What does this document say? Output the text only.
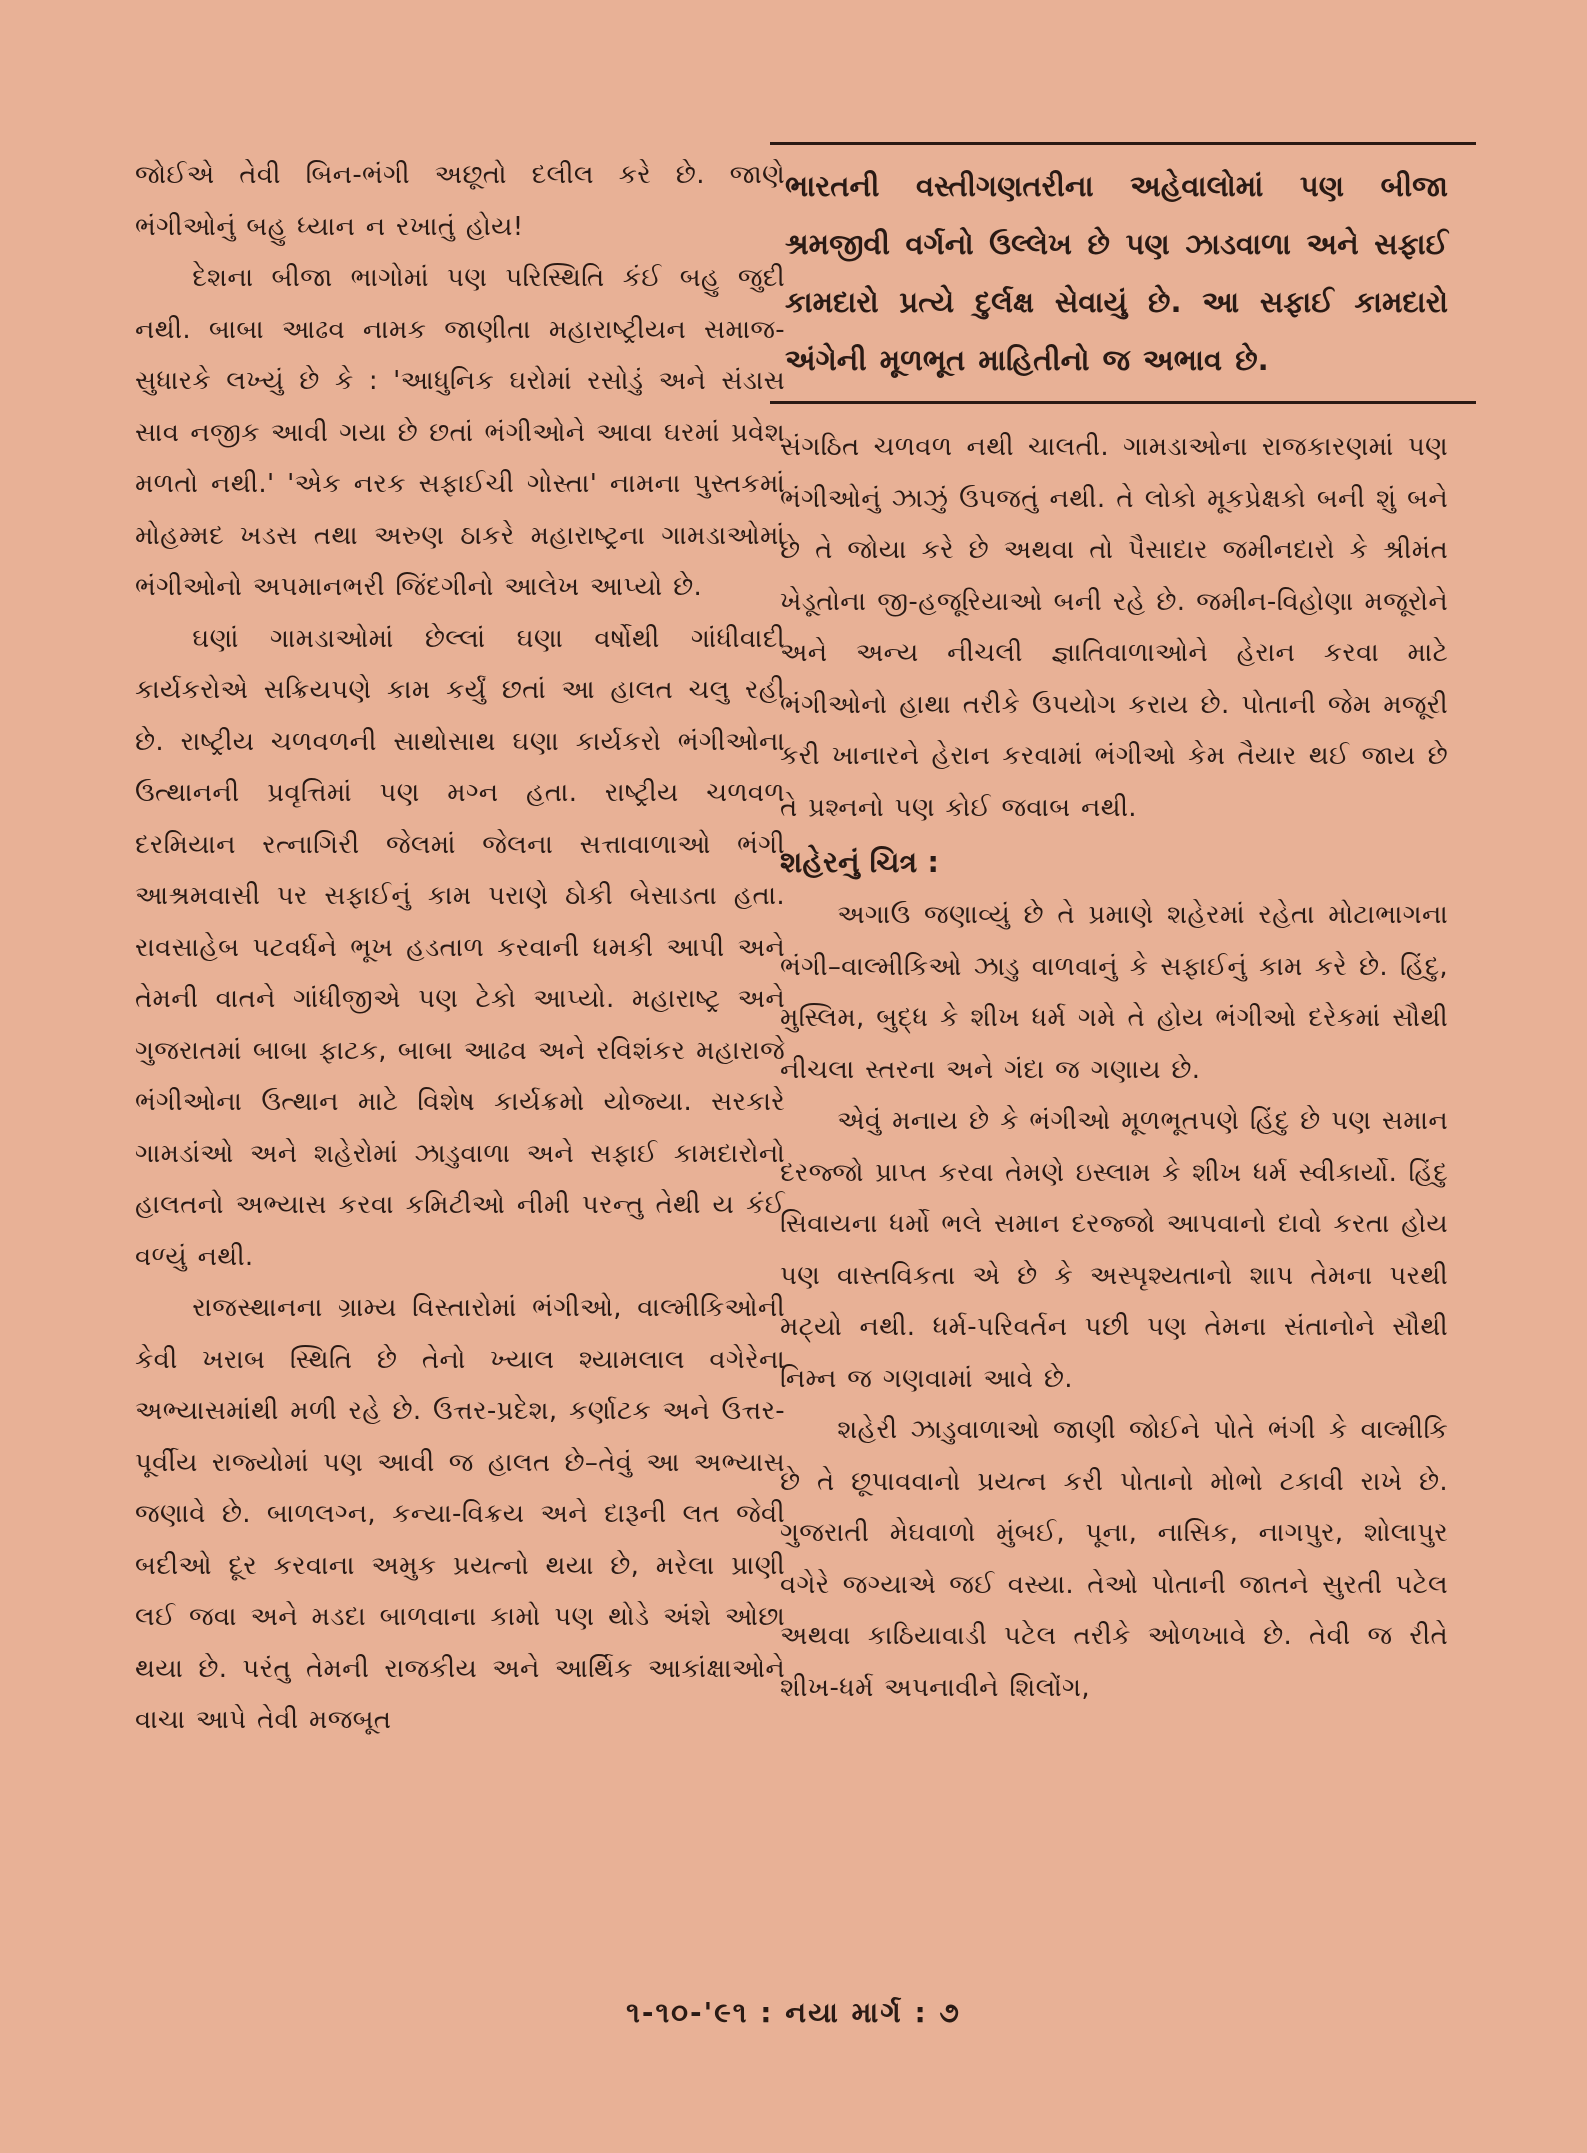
જોઈએ તેવી બિન-ભંગી અછૂતો દલીલ કરે છે. જાણે ભંગીઓનું બહુ ધ્યાન ન રખાતું હોય!

દેશના બીજા ભાગોમાં પણ પરિસ્થિતિ કંઈ બહુ જુદી નથી. બાબા આઢવ નામક જાણીતા મહારાષ્ટ્રીયન સમાજ-સુધારકે લખ્યું છે કે : 'આધુનિક ઘરોમાં રસોડું અને સંડાસ સાવ નજીક આવી ગયા છે છતાં ભંગીઓને આવા ઘરમાં પ્રવેશ મળતો નથી.' 'એક નરક સફાઈચી ગોસ્તા' નામના પુસ્તકમાં મોહમ્મદ ખડસ તથા અરુણ ઠાકરે મહારાષ્ટ્રના ગામડાઓમાં ભંગીઓનો અપમાનભરી જિંદગીનો આલેખ આપ્યો છે.

ઘણાં ગામડાઓમાં છેલ્લાં ઘણા વર્ષોથી ગાંધીવાદી કાર્યકરોએ સક્રિયપણે કામ કર્યું છતાં આ હાલત ચલુ રહી છે. રાષ્ટ્રીય ચળવળની સાથોસાથ ઘણા કાર્યકરો ભંગીઓના ઉત્થાનની પ્રવૃત્તિમાં પણ મગ્ન હતા. રાષ્ટ્રીય ચળવળ દરમિયાન રત્નાગિરી જેલમાં જેલના સત્તાવાળાઓ ભંગી આશ્રમવાસી પર સફાઈનું કામ પરાણે ઠોકી બેસાડતા હતા. રાવસાહેબ પટવર્ધને ભૂખ હડતાળ કરવાની ધમકી આપી અને તેમની વાતને ગાંધીજીએ પણ ટેકો આપ્યો. મહારાષ્ટ્ર અને ગુજરાતમાં બાબા ફાટક, બાબા આઢવ અને રવિશંકર મહારાજે ભંગીઓના ઉત્થાન માટે વિશેષ કાર્યક્રમો યોજ્યા. સરકારે ગામડાંઓ અને શહેરોમાં ઝાડુવાળા અને સફાઈ કામદારોનો હાલતનો અભ્યાસ કરવા કમિટીઓ નીમી પરન્તુ તેથી ય કંઈ વળ્યું નથી.

રાજસ્થાનના ગ્રામ્ય વિસ્તારોમાં ભંગીઓ, વાલ્મીકિઓની કેવી ખરાબ સ્થિતિ છે તેનો ખ્યાલ શ્યામલાલ વગેરેના અભ્યાસમાંથી મળી રહે છે. ઉત્તર-પ્રદેશ, કર્ણાટક અને ઉત્તર-પૂર્વીય રાજ્યોમાં પણ આવી જ હાલત છે–તેવું આ અભ્યાસ જણાવે છે. બાળલગ્ન, કન્યા-વિક્રય અને દારૂની લત જેવી બદીઓ દૂર કરવાના અમુક પ્રયત્નો થયા છે, મરેલા પ્રાણી લઈ જવા અને મડદા બાળવાના કામો પણ થોડે અંશે ઓછા થયા છે. પરંતુ તેમની રાજકીય અને આર્થિક આકાંક્ષાઓને વાચા આપે તેવી મજબૂત

ભારતની વસ્તીગણતરીના અહેવાલોમાં પણ બીજા શ્રમજીવી વર્ગનો ઉલ્લેખ છે પણ ઝાડવાળા અને સફાઈ કામદારો પ્રત્યે દુર્લક્ષ સેવાયું છે. આ સફાઈ કામદારો અંગેની મૂળભૂત માહિતીનો જ અભાવ છે.

સંગઠિત ચળવળ નથી ચાલતી. ગામડાઓના રાજકારણમાં પણ ભંગીઓનું ઝાઝું ઉપજતું નથી. તે લોકો મૂકપ્રેક્ષકો બની શું બને છે તે જોયા કરે છે અથવા તો પૈસાદાર જમીનદારો કે શ્રીમંત ખેડૂતોના જી-હજૂરિયાઓ બની રહે છે. જમીન-વિહોણા મજૂરોને અને અન્ય નીચલી જ્ઞાતિવાળાઓને હેરાન કરવા માટે ભંગીઓનો હાથા તરીકે ઉપયોગ કરાય છે. પોતાની જેમ મજૂરી કરી ખાનારને હેરાન કરવામાં ભંગીઓ કેમ તૈયાર થઈ જાય છે તે પ્રશ્નનો પણ કોઈ જવાબ નથી.

શહેરનું ચિત્ર :

અગાઉ જણાવ્યું છે તે પ્રમાણે શહેરમાં રહેતા મોટાભાગના ભંગી–વાલ્મીકિઓ ઝાડુ વાળવાનું કે સફાઈનું કામ કરે છે. હિંદુ, મુસ્લિમ, બુદ્ધ કે શીખ ધર્મ ગમે તે હોય ભંગીઓ દરેકમાં સૌથી નીચલા સ્તરના અને ગંદા જ ગણાય છે.

એવું મનાય છે કે ભંગીઓ મૂળભૂતપણે હિંદુ છે પણ સમાન દરજ્જો પ્રાપ્ત કરવા તેમણે ઇસ્લામ કે શીખ ધર્મ સ્વીકાર્યો. હિંદુ સિવાયના ધર્મો ભલે સમાન દરજ્જો આપવાનો દાવો કરતા હોય પણ વાસ્તવિકતા એ છે કે અસ્પૃશ્યતાનો શાપ તેમના પરથી મટ્યો નથી. ધર્મ-પરિવર્તન પછી પણ તેમના સંતાનોને સૌથી નિમ્ન જ ગણવામાં આવે છે.

શહેરી ઝાડુવાળાઓ જાણી જોઈને પોતે ભંગી કે વાલ્મીકિ છે તે છૂપાવવાનો પ્રયત્ન કરી પોતાનો મોભો ટકાવી રાખે છે. ગુજરાતી મેઘવાળો મુંબઈ, પૂના, નાસિક, નાગપુર, શોલાપુર વગેરે જગ્યાએ જઈ વસ્યા. તેઓ પોતાની જાતને સુરતી પટેલ અથવા કાઠિયાવાડી પટેલ તરીકે ઓળખાવે છે. તેવી જ રીતે શીખ-ધર્મ અપનાવીને શિલોંગ,

૧-૧૦-'૯૧ : નયા માર્ગ : ૭
